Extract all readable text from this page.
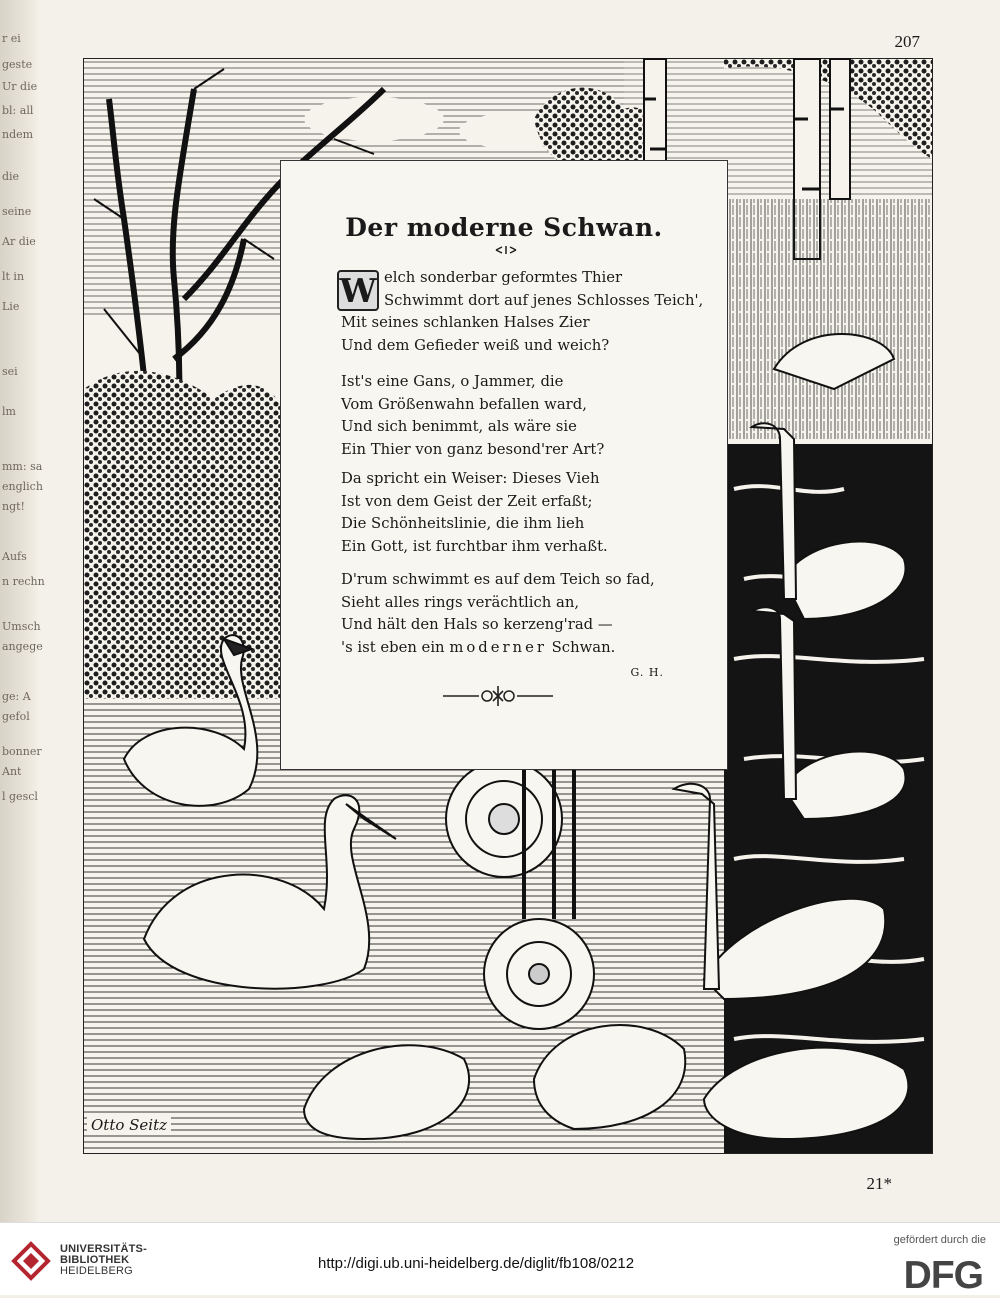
r ei
geste
Ur die
bl: all
ndem
die
seine
Ar die
lt in
Lie
sei
lm
mm: sa
englich
ngt!
Aufs
n rechn
Umsch
angege
ge: A
gefol
bonner
Ant
l gescl
207
Otto Seitz
Der moderne Schwan.
W elch sonderbar geformtes Thier
Schwimmt dort auf jenes Schlosses Teich',
Mit seines schlanken Halses Zier
Und dem Gefieder weiß und weich?
Ist's eine Gans, o Jammer, die
Vom Größenwahn befallen ward,
Und sich benimmt, als wäre sie
Ein Thier von ganz besond'rer Art?
Da spricht ein Weiser: Dieses Vieh
Ist von dem Geist der Zeit erfaßt;
Die Schönheitslinie, die ihm lieh
Ein Gott, ist furchtbar ihm verhaßt.
D'rum schwimmt es auf dem Teich so fad,
Sieht alles rings verächtlich an,
Und hält den Hals so kerzeng'rad —
's ist eben ein moderner Schwan.
G. H.
21*
UNIVERSITÄTS-
BIBLIOTHEK
HEIDELBERG	http://digi.ub.uni-heidelberg.de/diglit/fb108/0212
gefördert durch die
DFG
